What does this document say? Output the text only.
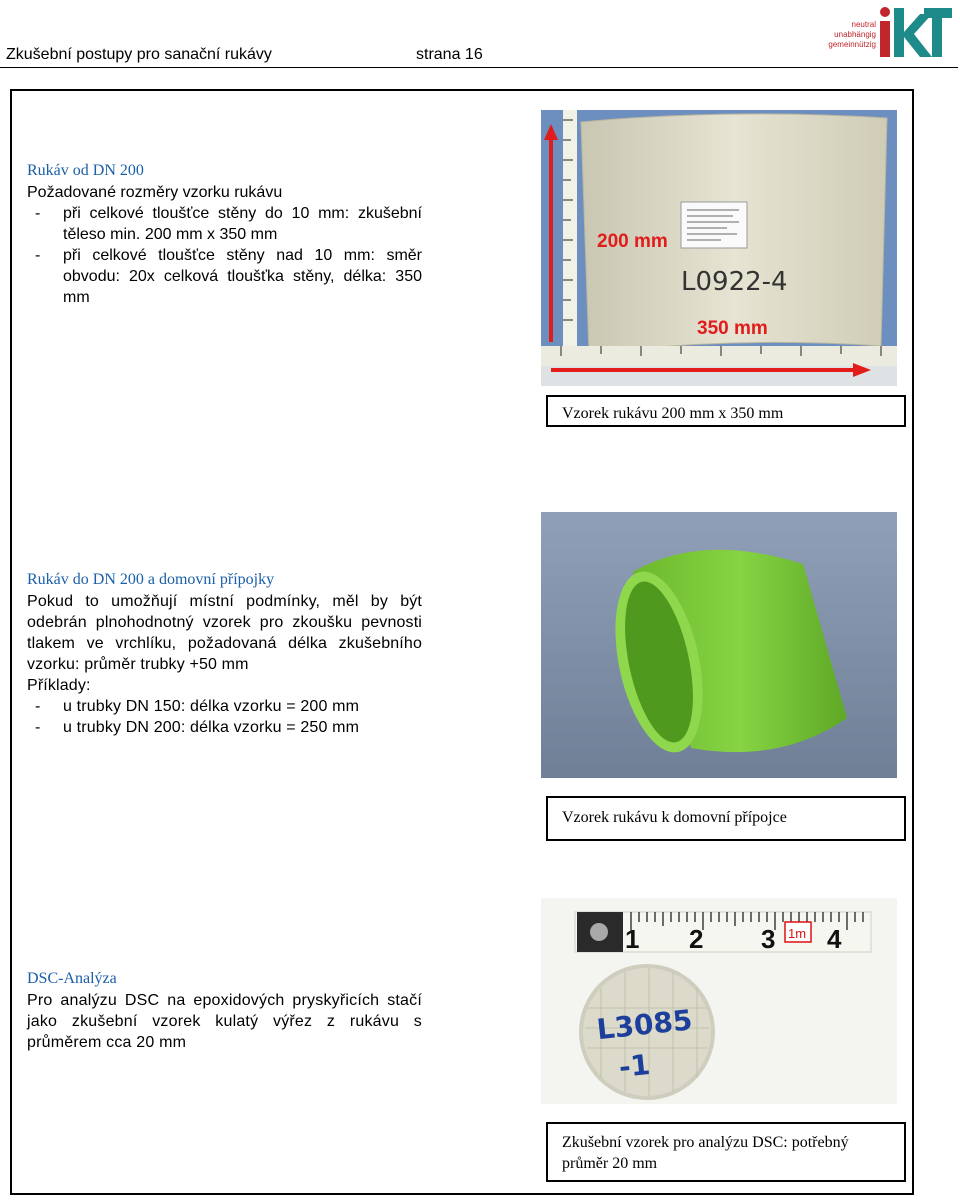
Zkušební postupy pro sanační rukávy	strana 16
neutral
unabhängig
gemeinnützig
Rukáv od DN 200

Požadované rozměry vzorku rukávu

-	při celkové tloušťce stěny do 10 mm: zkušební těleso min. 200 mm x 350 mm
-	při celkové tloušťce stěny nad 10 mm: směr obvodu: 20x celková tloušťka stěny, délka: 350 mm
200 mm
L0922-4
350 mm
Vzorek rukávu 200 mm x 350 mm
Rukáv do DN 200 a domovní přípojky

Pokud to umožňují místní podmínky, měl by být odebrán plnohodnotný vzorek pro zkoušku pevnosti tlakem ve vrchlíku, požadovaná délka zkušebního vzorku: průměr trubky +50 mm

Příklady:

-	u trubky DN 150: délka vzorku = 200 mm
-	u trubky DN 200: délka vzorku = 250 mm
Vzorek rukávu k domovní přípojce
DSC-Analýza

Pro analýzu DSC na epoxidových pryskyřicích stačí jako zkušební vzorek kulatý výřez z rukávu s průměrem cca 20 mm

1 2 3 1m 4
L3085
-1
Zkušební vzorek pro analýzu DSC: potřebný průměr 20 mm
